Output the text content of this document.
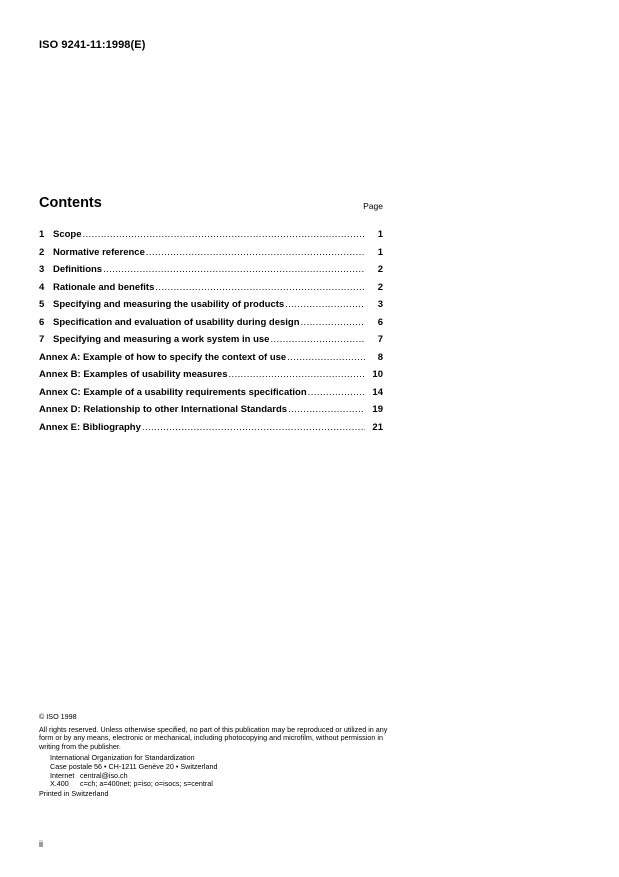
ISO 9241-11:1998(E)
Contents	Page
1 Scope .....	1
2 Normative reference .....	1
3 Definitions .....	2
4 Rationale and benefits .....	2
5 Specifying and measuring the usability of products .....	3
6 Specification and evaluation of usability during design .....	6
7 Specifying and measuring a work system in use .....	7
Annex A: Example of how to specify the context of use .....	8
Annex B: Examples of usability measures .....	10
Annex C: Example of a usability requirements specification .....	14
Annex D: Relationship to other International Standards .....	19
Annex E: Bibliography .....	21
© ISO 1998
All rights reserved. Unless otherwise specified, no part of this publication may be reproduced or utilized in any form or by any means, electronic or mechanical, including photocopying and microfilm, without permission in writing from the publisher.
International Organization for Standardization
Case postale 56 • CH-1211 Genève 20 • Switzerland
Internet central@iso.ch
X.400 c=ch; a=400net; p=iso; o=isocs; s=central
Printed in Switzerland
ii
